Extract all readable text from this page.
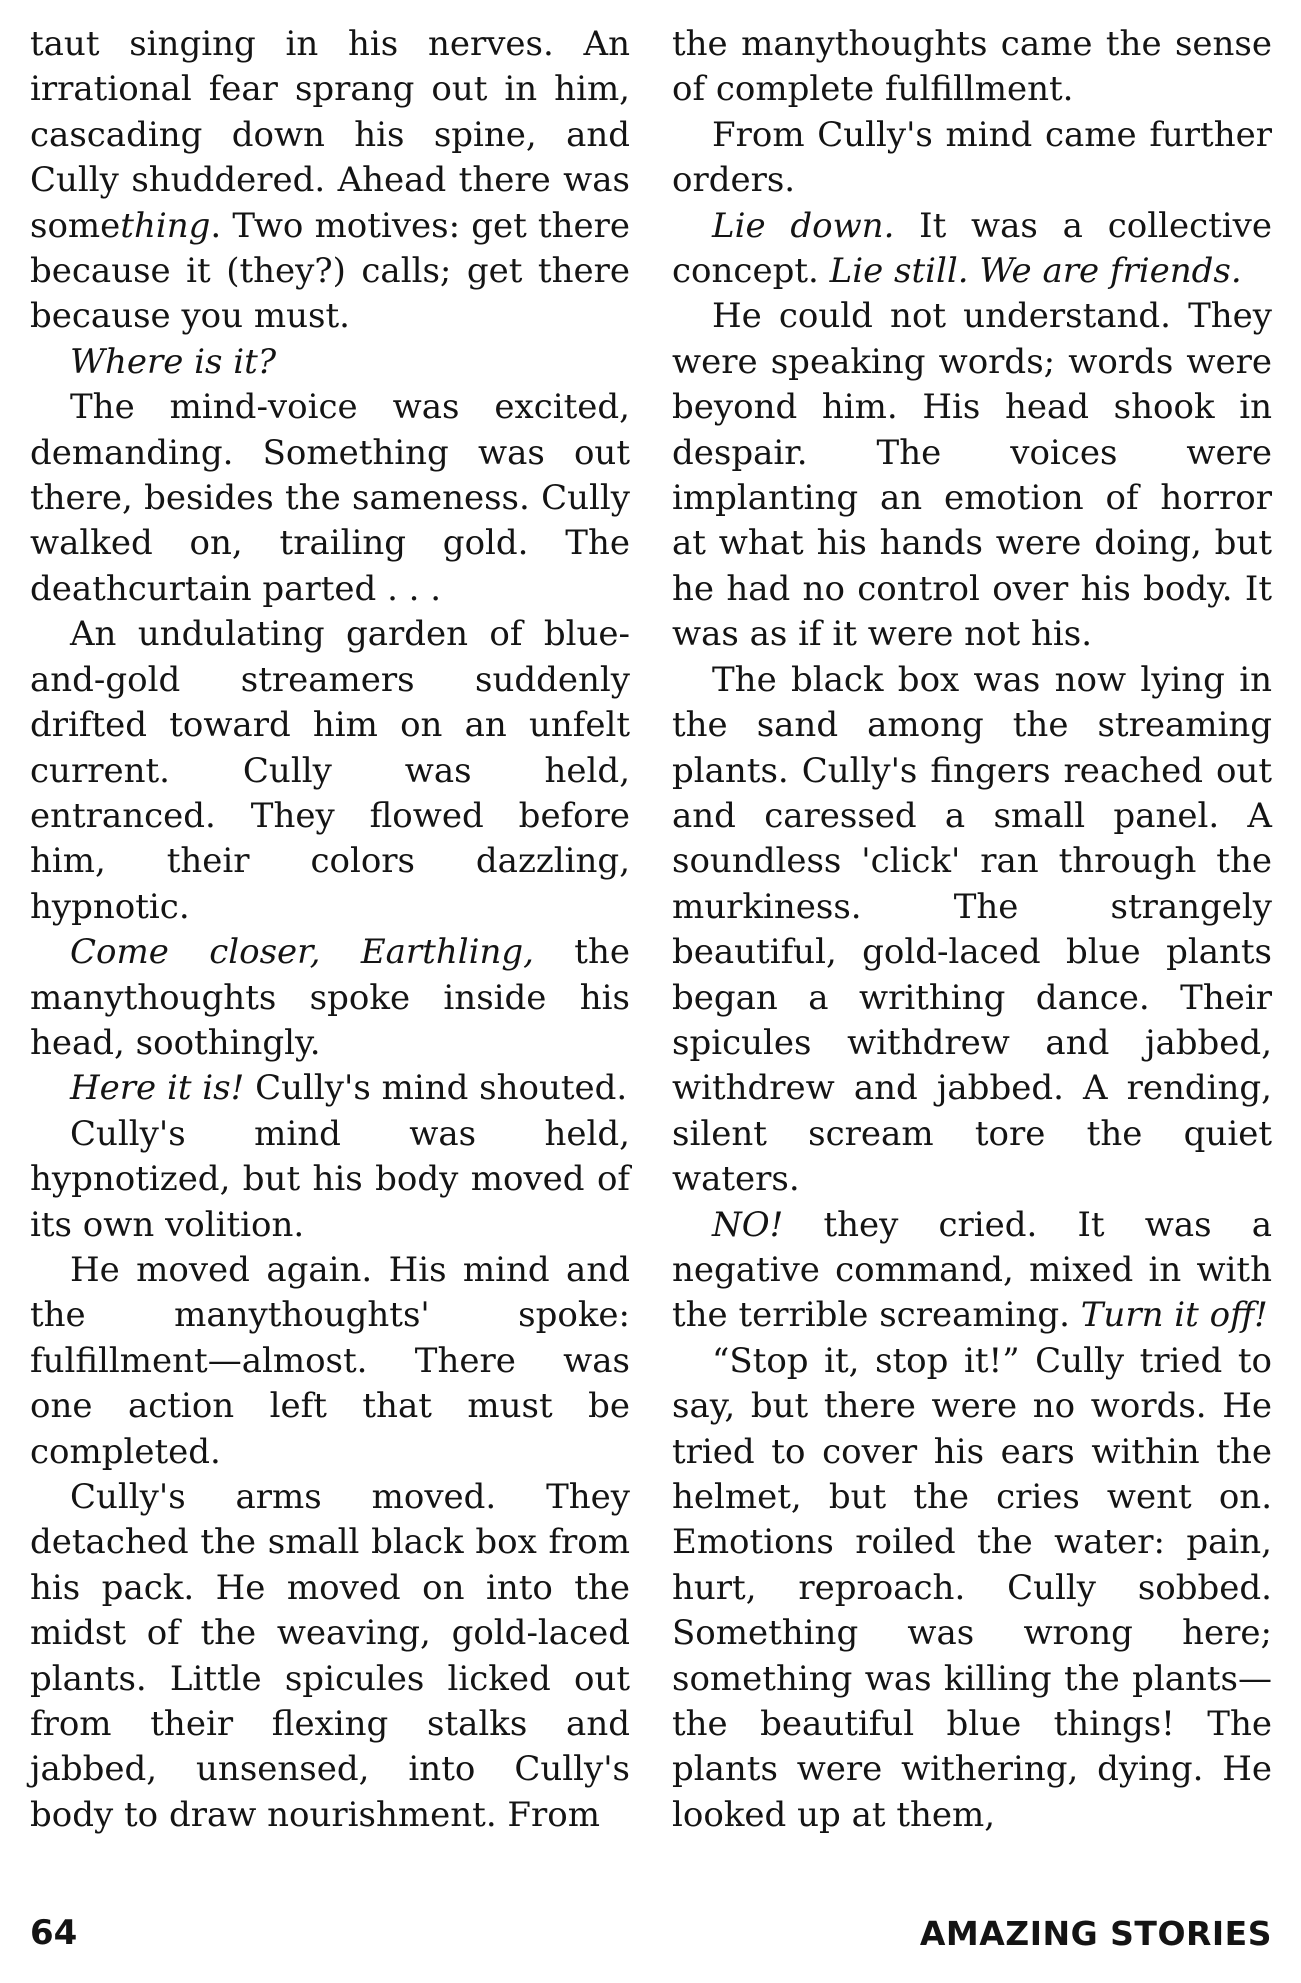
taut singing in his nerves. An irrational fear sprang out in him, cascading down his spine, and Cully shuddered. Ahead there was something. Two motives: get there because it (they?) calls; get there because you must.

Where is it?

The mind-voice was excited, demanding. Something was out there, besides the sameness. Cully walked on, trailing gold. The deathcurtain parted . . .

An undulating garden of blue-and-gold streamers suddenly drifted toward him on an unfelt current. Cully was held, entranced. They flowed before him, their colors dazzling, hypnotic.

Come closer, Earthling, the manythoughts spoke inside his head, soothingly.

Here it is! Cully's mind shouted.

Cully's mind was held, hypnotized, but his body moved of its own volition.

He moved again. His mind and the manythoughts' spoke: fulfillment—almost. There was one action left that must be completed.

Cully's arms moved. They detached the small black box from his pack. He moved on into the midst of the weaving, gold-laced plants. Little spicules licked out from their flexing stalks and jabbed, unsensed, into Cully's body to draw nourishment. From

the manythoughts came the sense of complete fulfillment.

From Cully's mind came further orders.

Lie down. It was a collective concept. Lie still. We are friends.

He could not understand. They were speaking words; words were beyond him. His head shook in despair. The voices were implanting an emotion of horror at what his hands were doing, but he had no control over his body. It was as if it were not his.

The black box was now lying in the sand among the streaming plants. Cully's fingers reached out and caressed a small panel. A soundless 'click' ran through the murkiness. The strangely beautiful, gold-laced blue plants began a writhing dance. Their spicules withdrew and jabbed, withdrew and jabbed. A rending, silent scream tore the quiet waters.

NO! they cried. It was a negative command, mixed in with the terrible screaming. Turn it off!

“Stop it, stop it!” Cully tried to say, but there were no words. He tried to cover his ears within the helmet, but the cries went on. Emotions roiled the water: pain, hurt, reproach. Cully sobbed. Something was wrong here; something was killing the plants—the beautiful blue things! The plants were withering, dying. He looked up at them,

64	AMAZING STORIES
